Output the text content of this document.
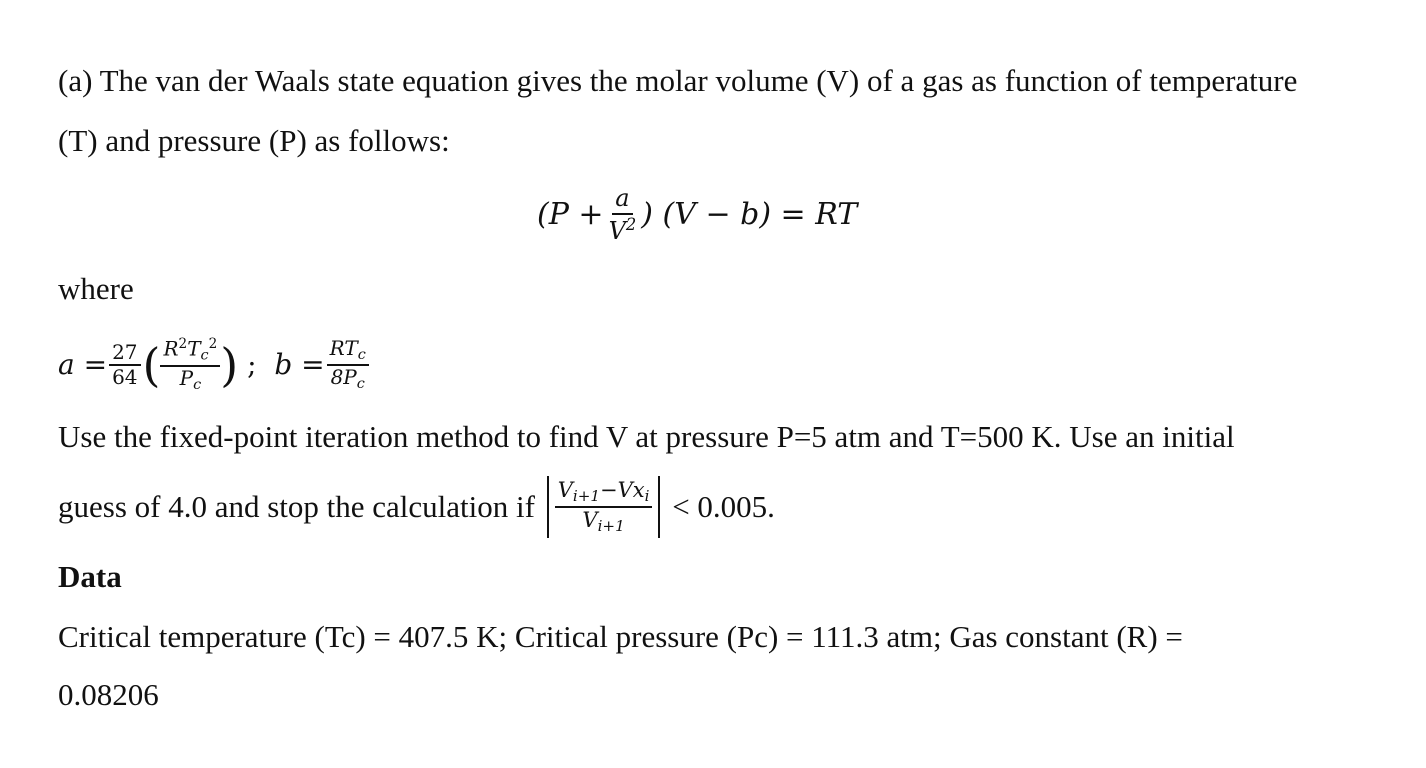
(a) The van der Waals state equation gives the molar volume (V) of a gas as function of temperature
(T) and pressure (P) as follows:
($P + \frac{a}{V^2}$ ) (V − b) = RT
where
$a = \frac{27}{64}$ ( $\frac{R^2T_c^2}{P_c}$ ) ; $b = \frac{RT_c}{8P_c}$
Use the fixed-point iteration method to find V at pressure P=5 atm and T=500 K. Use an initial
guess of 4.0 and stop the calculation if $\frac{V_{i+1}-Vx_i}{V_{i+1}} < 0.005$.
Data
Critical temperature (Tc) = 407.5 K; Critical pressure (Pc) = 111.3 atm; Gas constant (R) =
0.08206
